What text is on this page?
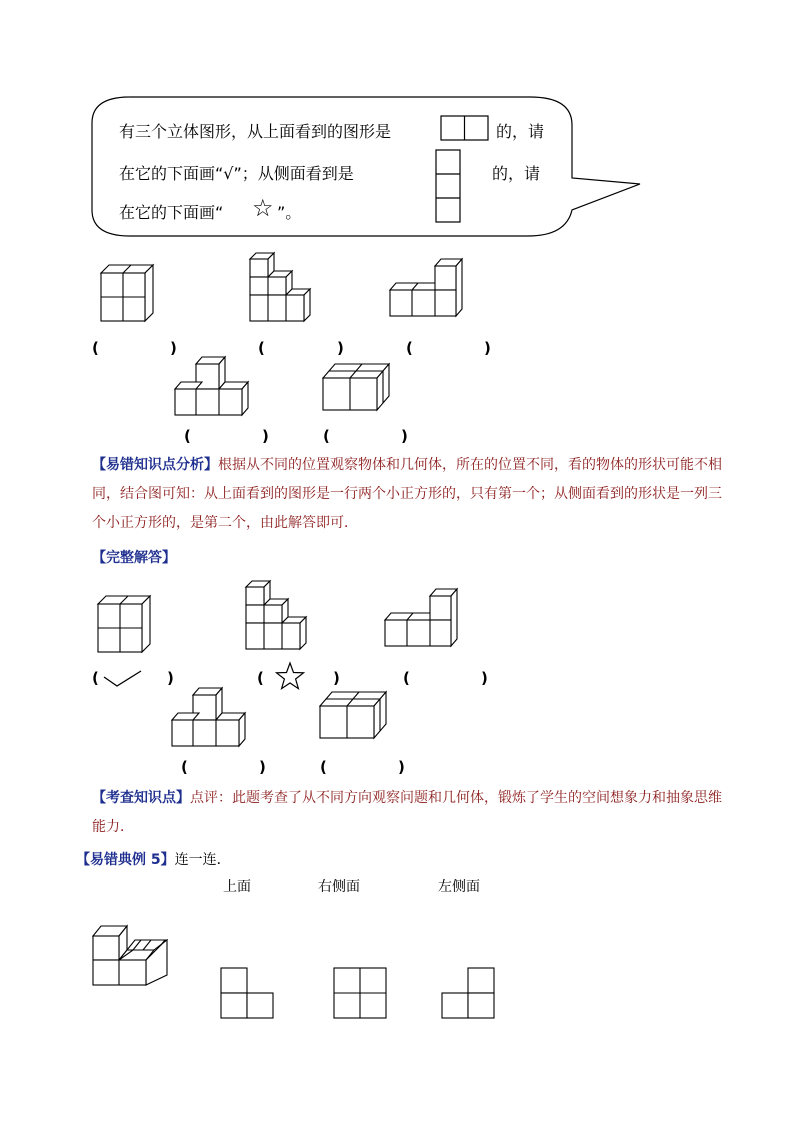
有三个立体图形，从上面看到的图形是	的，请
在它的下面画“√”；从侧面看到是	的，请
在它的下面画“ ☆ ”。
(	)	(	)	(	)
(	)	(	)
【易错知识点分析】根据从不同的位置观察物体和几何体，所在的位置不同，看的物体的形状可能不相同，结合图可知：从上面看到的图形是一行两个小正方形的，只有第一个；从侧面看到的形状是一列三个小正方形的，是第二个，由此解答即可．
【完整解答】
(	)	(	)	(	)
(	)	(	)
【考查知识点】点评：此题考查了从不同方向观察问题和几何体，锻炼了学生的空间想象力和抽象思维能力．
【易错典例 5】连一连．
上面	右侧面	左侧面
